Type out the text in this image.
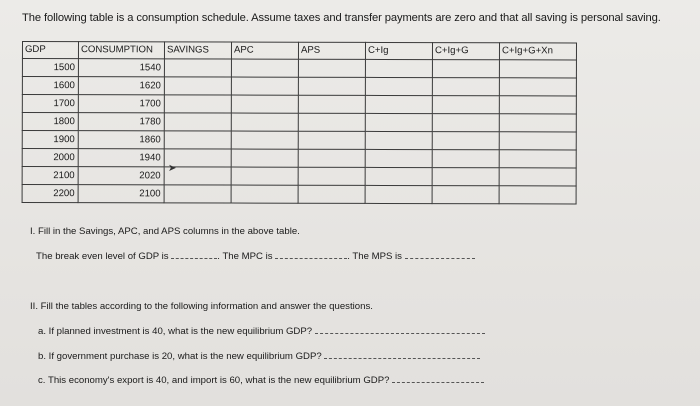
The following table is a consumption schedule. Assume taxes and transfer payments are zero and that all saving is personal saving.
GDP	CONSUMPTION	SAVINGS	APC	APS	C+Ig	C+Ig+G	C+Ig+G+Xn
1500	1540						
1600	1620						
1700	1700						
1800	1780						
1900	1860						
2000	1940						
2100	2020						
2200	2100						
➤
I. Fill in the Savings, APC, and APS columns in the above table.
The break even level of GDP is	. The MPC is	. The MPS is
II. Fill the tables according to the following information and answer the questions.
a. If planned investment is 40, what is the new equilibrium GDP?
b. If government purchase is 20, what is the new equilibrium GDP?
c. This economy's export is 40, and import is 60, what is the new equilibrium GDP?
